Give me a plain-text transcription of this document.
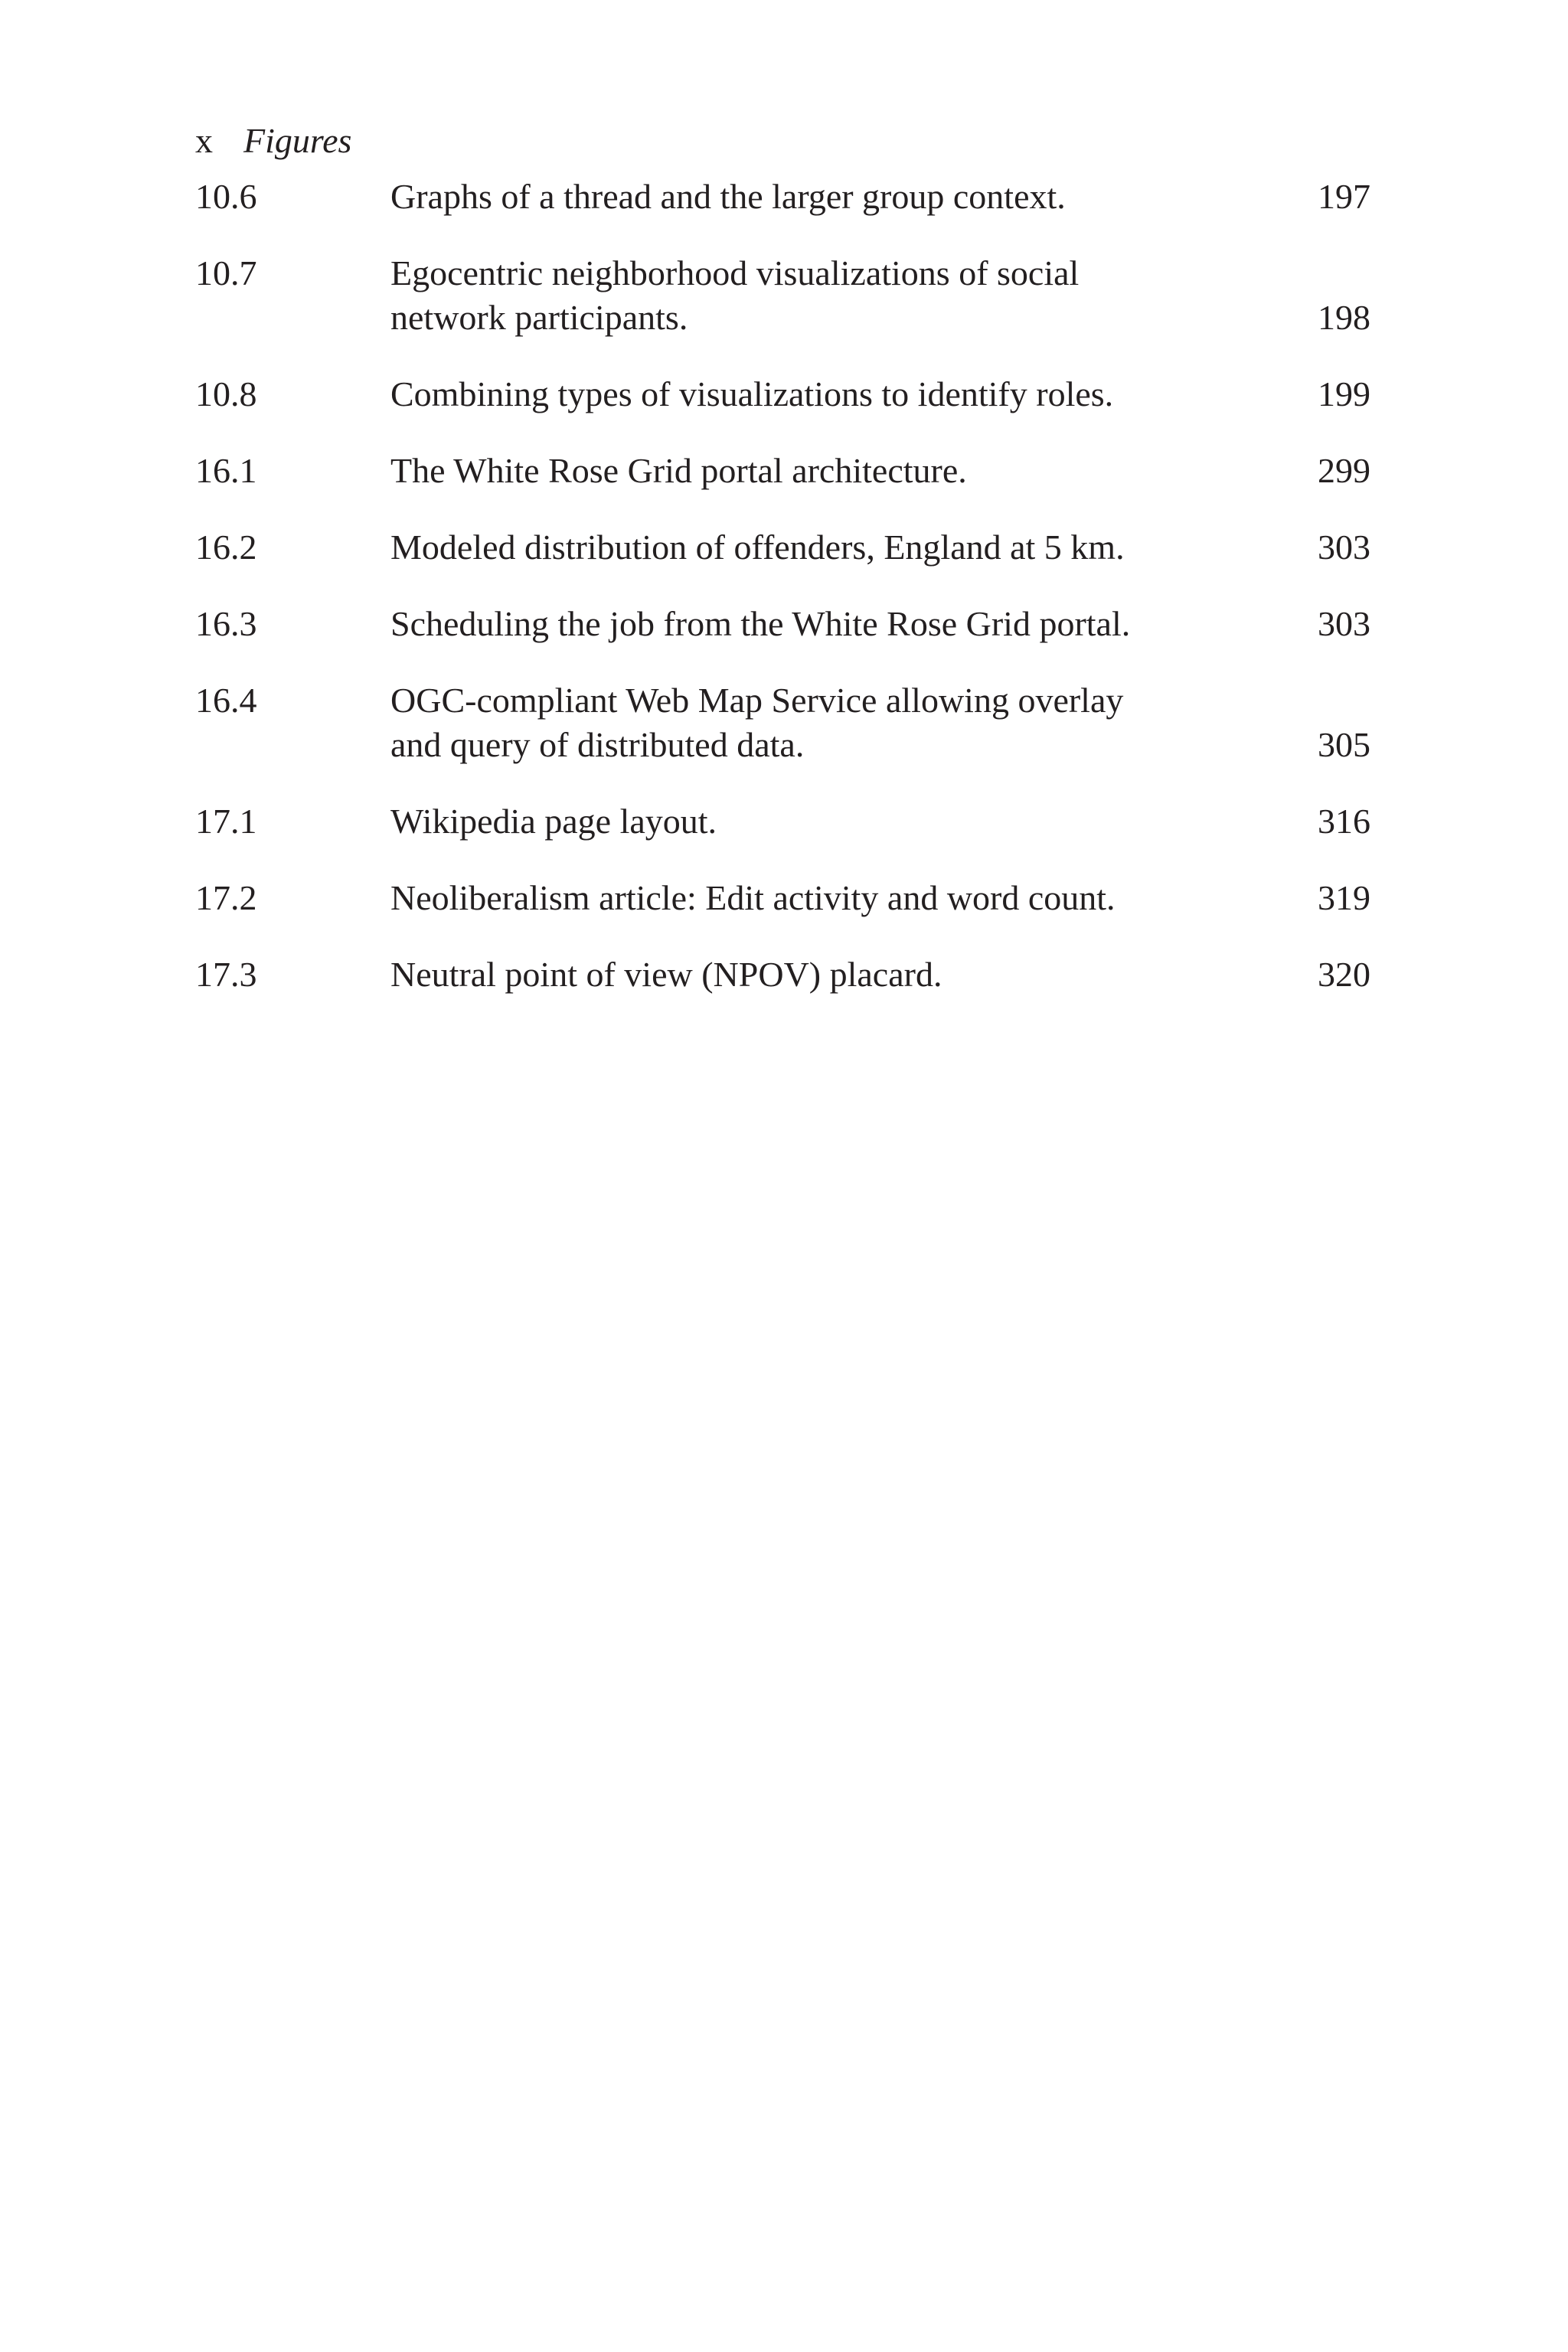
x Figures
10.6	Graphs of a thread and the larger group context.	197
10.7	Egocentric neighborhood visualizations of social
network participants.	198
10.8	Combining types of visualizations to identify roles.	199
16.1	The White Rose Grid portal architecture.	299
16.2	Modeled distribution of offenders, England at 5 km.	303
16.3	Scheduling the job from the White Rose Grid portal.	303
16.4	OGC-compliant Web Map Service allowing overlay
and query of distributed data.	305
17.1	Wikipedia page layout.	316
17.2	Neoliberalism article: Edit activity and word count.	319
17.3	Neutral point of view (NPOV) placard.	320
